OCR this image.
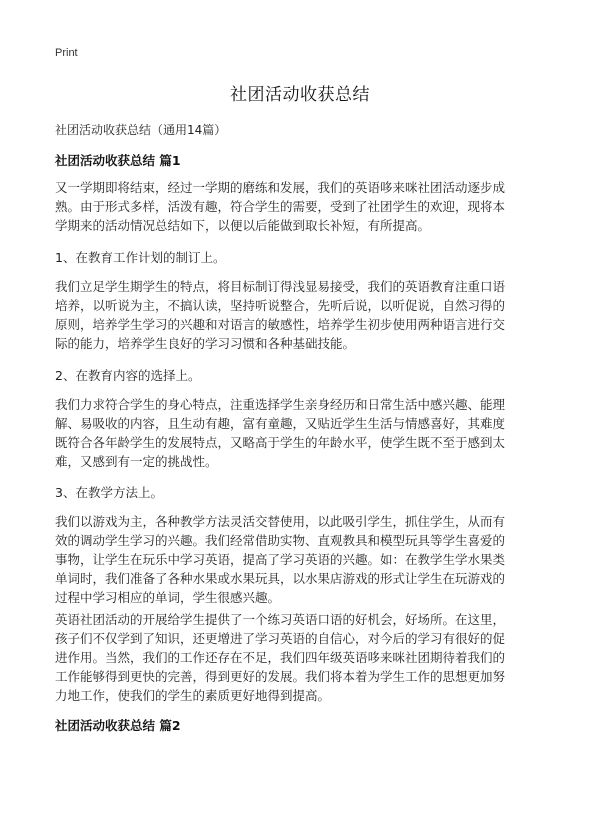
Print
社团活动收获总结
社团活动收获总结（通用14篇）
社团活动收获总结 篇1
又一学期即将结束，经过一学期的磨练和发展，我们的英语哆来咪社团活动逐步成
熟。由于形式多样，活泼有趣，符合学生的需要，受到了社团学生的欢迎，现将本
学期来的活动情况总结如下，以便以后能做到取长补短，有所提高。
1、在教育工作计划的制订上。
我们立足学生期学生的特点，将目标制订得浅显易接受，我们的英语教育注重口语
培养，以听说为主，不搞认读，坚持听说整合，先听后说，以听促说，自然习得的
原则，培养学生学习的兴趣和对语言的敏感性，培养学生初步使用两种语言进行交
际的能力，培养学生良好的学习习惯和各种基础技能。
2、在教育内容的选择上。
我们力求符合学生的身心特点，注重选择学生亲身经历和日常生活中感兴趣、能理
解、易吸收的内容，且生动有趣，富有童趣，又贴近学生生活与情感喜好，其难度
既符合各年龄学生的发展特点，又略高于学生的年龄水平，使学生既不至于感到太
难，又感到有一定的挑战性。
3、在教学方法上。
我们以游戏为主，各种教学方法灵活交替使用，以此吸引学生，抓住学生，从而有
效的调动学生学习的兴趣。我们经常借助实物、直观教具和模型玩具等学生喜爱的
事物，让学生在玩乐中学习英语，提高了学习英语的兴趣。如：在教学生学水果类
单词时，我们准备了各种水果或水果玩具，以水果店游戏的形式让学生在玩游戏的
过程中学习相应的单词，学生很感兴趣。
英语社团活动的开展给学生提供了一个练习英语口语的好机会，好场所。在这里，
孩子们不仅学到了知识，还更增进了学习英语的自信心，对今后的学习有很好的促
进作用。当然，我们的工作还存在不足，我们四年级英语哆来咪社团期待着我们的
工作能够得到更快的完善，得到更好的发展。我们将本着为学生工作的思想更加努
力地工作，使我们的学生的素质更好地得到提高。
社团活动收获总结 篇2
